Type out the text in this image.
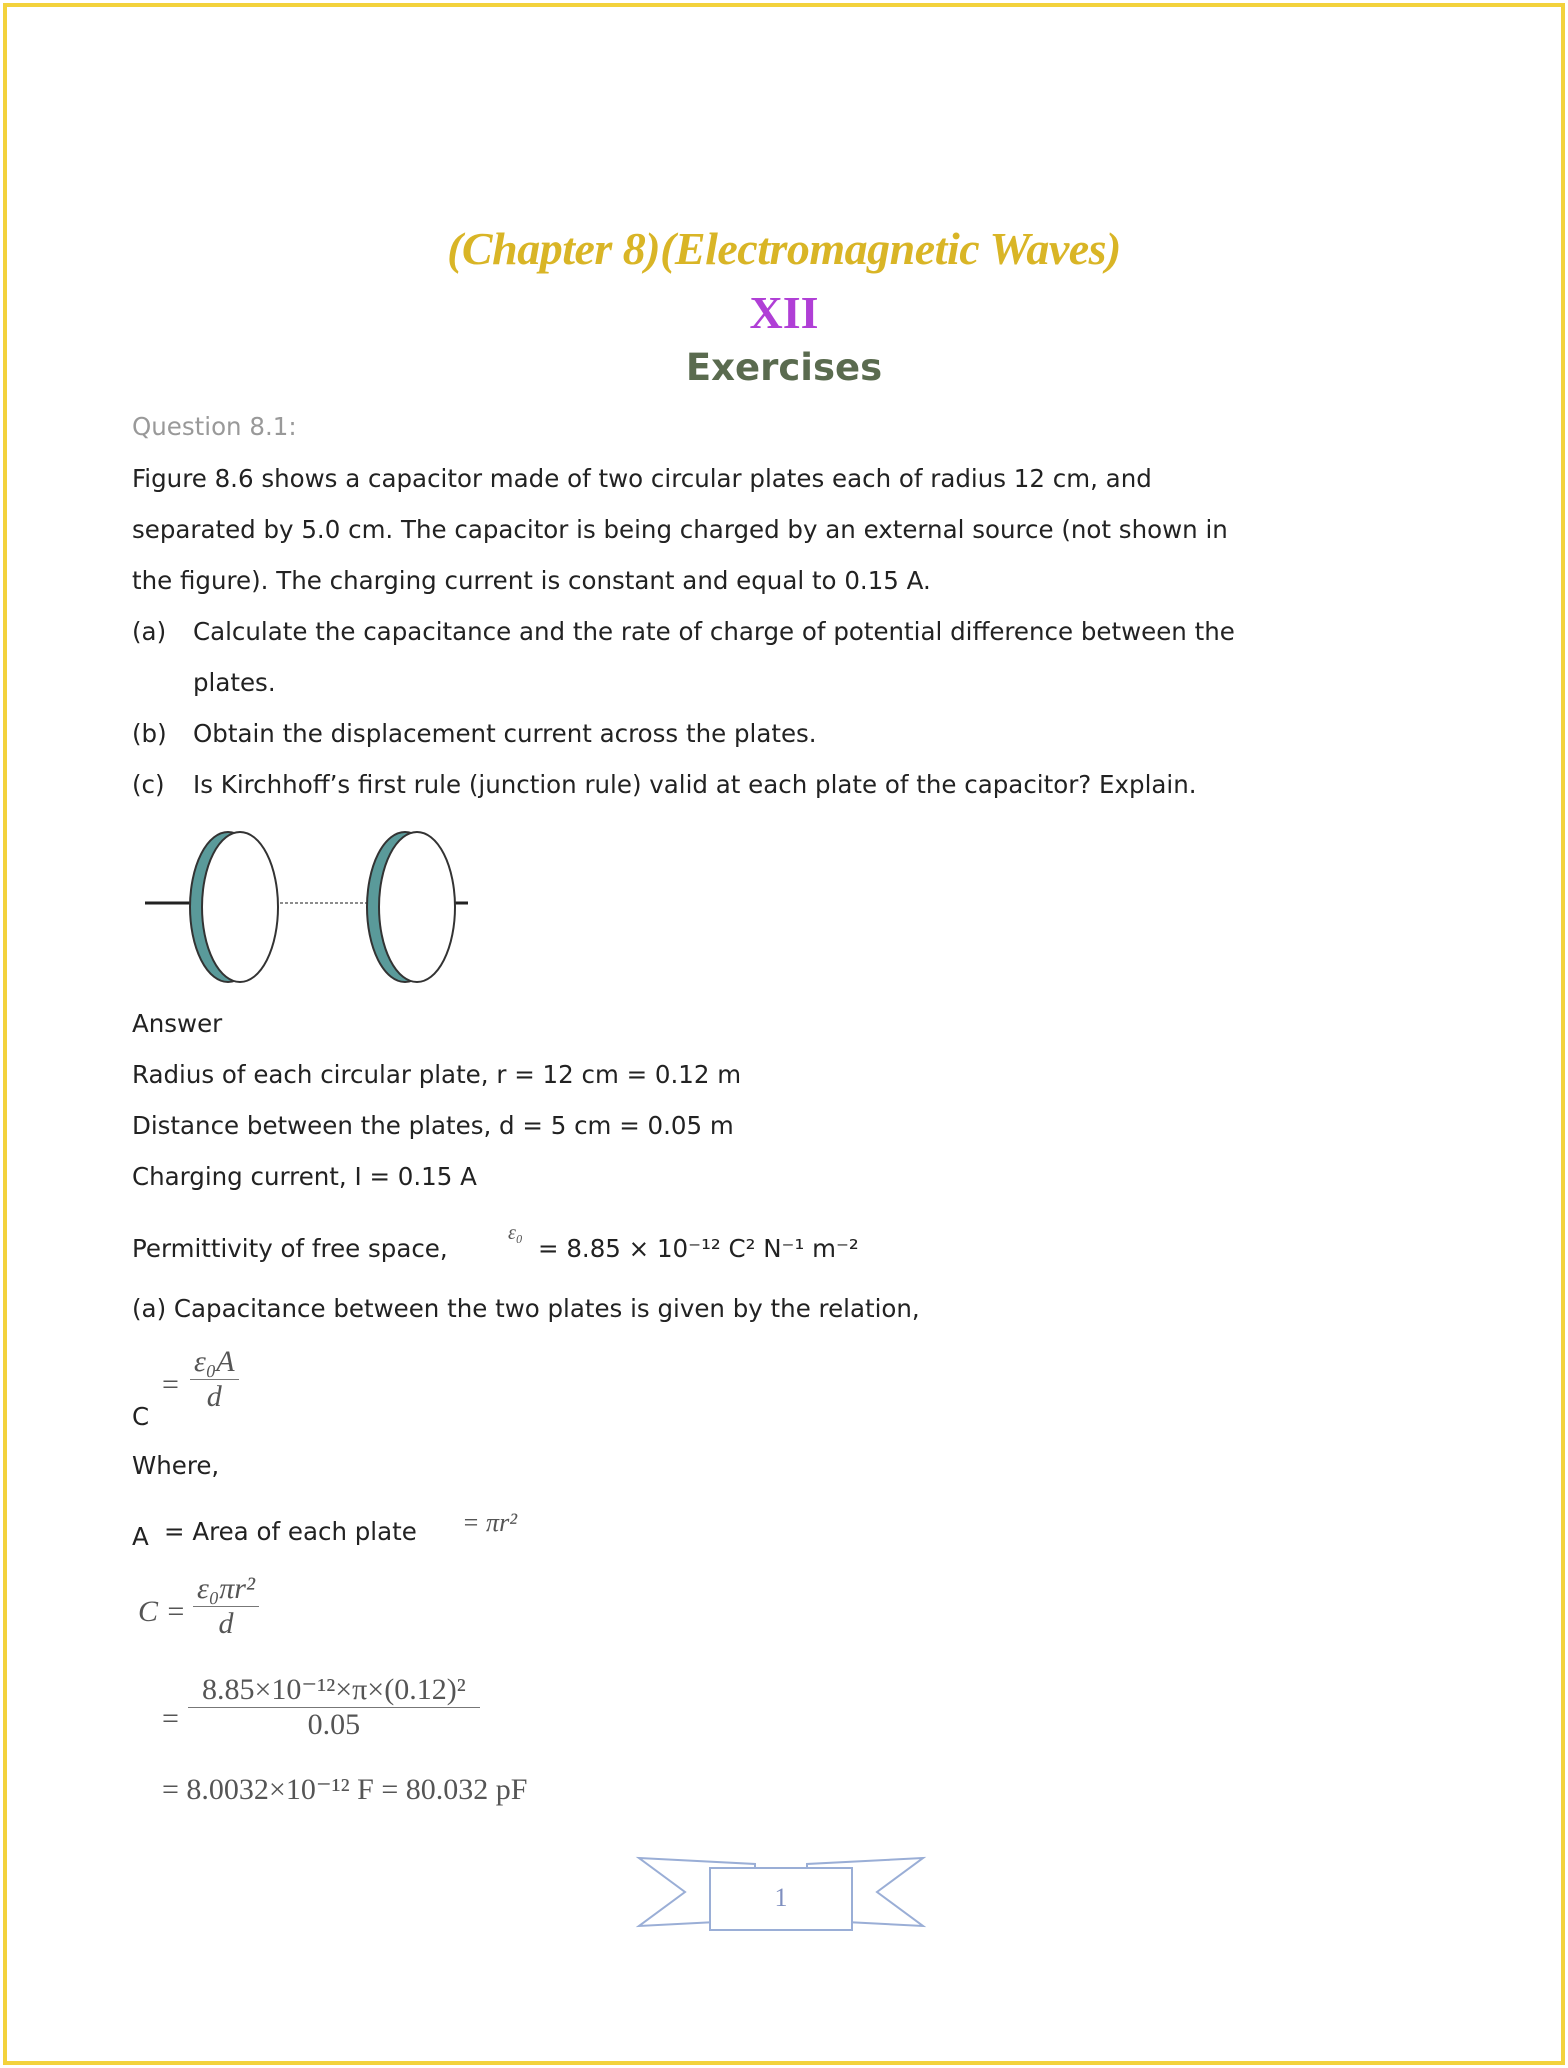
(Chapter 8)(Electromagnetic Waves)
XII
Exercises
Question 8.1:
Figure 8.6 shows a capacitor made of two circular plates each of radius 12 cm, and
separated by 5.0 cm. The capacitor is being charged by an external source (not shown in
the figure). The charging current is constant and equal to 0.15 A.
(a) Calculate the capacitance and the rate of charge of potential difference between the
plates.
(b) Obtain the displacement current across the plates.
(c) Is Kirchhoff’s first rule (junction rule) valid at each plate of the capacitor? Explain.
Answer
Radius of each circular plate, r = 12 cm = 0.12 m
Distance between the plates, d = 5 cm = 0.05 m
Charging current, I = 0.15 A
Permittivity of free space,
ε₀
= 8.85 × 10⁻¹² C² N⁻¹ m⁻²
(a) Capacitance between the two plates is given by the relation,
= $\frac{\text{ε₀A}}{d}$
C
Where,
A = Area of each plate = πr²
$C = \frac{\text{ε₀πr²}}{d}$
= $\frac{\text{8.85×10⁻¹²×π×(0.12)²}}{0.05}$
= 8.0032×10⁻¹² F = 80.032 pF
1
